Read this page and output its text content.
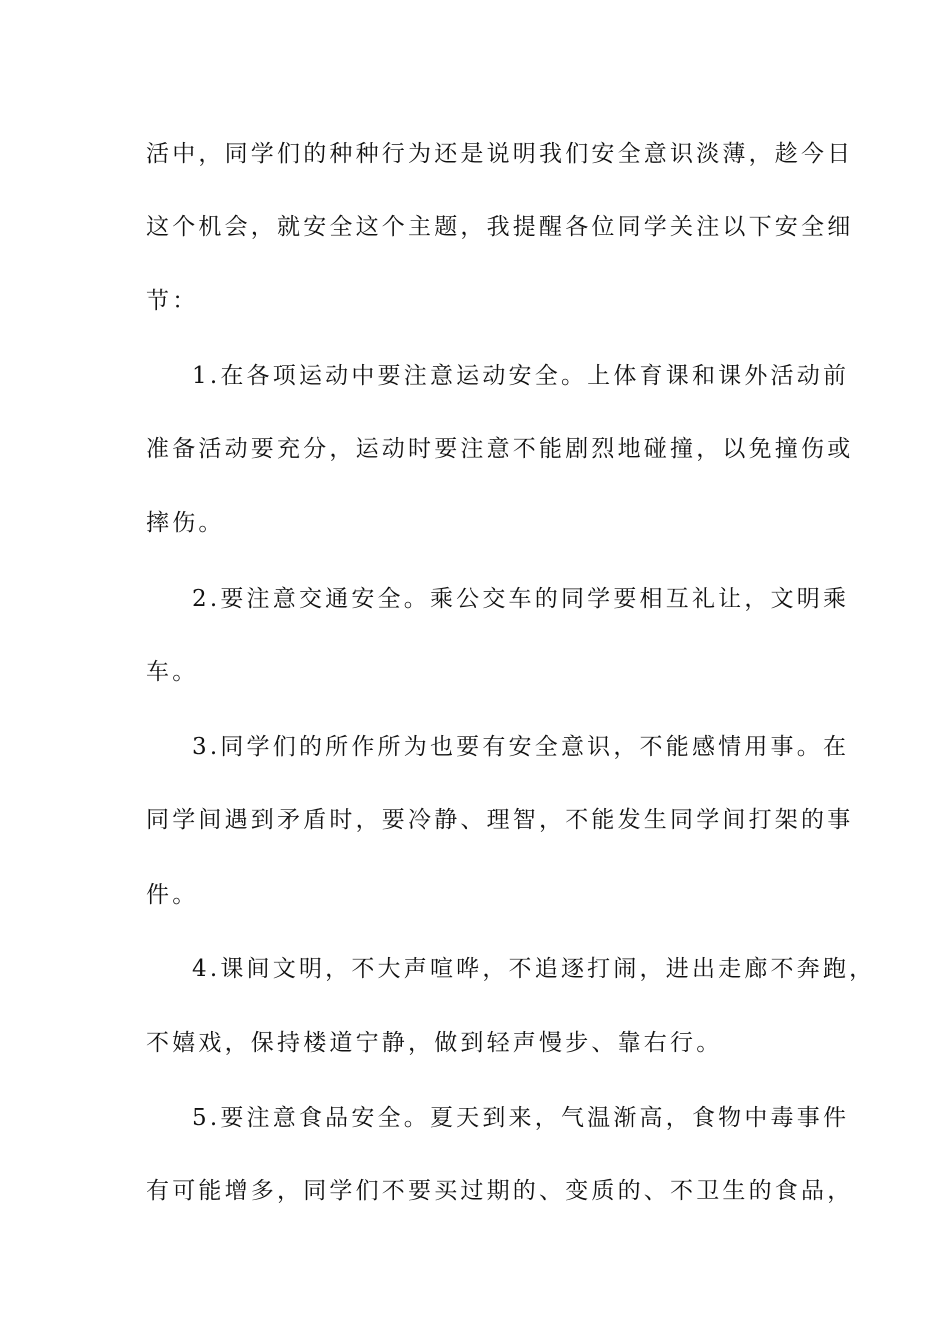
活中，同学们的种种行为还是说明我们安全意识淡薄，趁今日
这个机会，就安全这个主题，我提醒各位同学关注以下安全细
节：
1.在各项运动中要注意运动安全。上体育课和课外活动前
准备活动要充分，运动时要注意不能剧烈地碰撞，以免撞伤或
摔伤。
2.要注意交通安全。乘公交车的同学要相互礼让，文明乘
车。
3.同学们的所作所为也要有安全意识，不能感情用事。在
同学间遇到矛盾时，要冷静、理智，不能发生同学间打架的事
件。
4.课间文明，不大声喧哗，不追逐打闹，进出走廊不奔跑，
不嬉戏，保持楼道宁静，做到轻声慢步、靠右行。
5.要注意食品安全。夏天到来，气温渐高，食物中毒事件
有可能增多，同学们不要买过期的、变质的、不卫生的食品，
